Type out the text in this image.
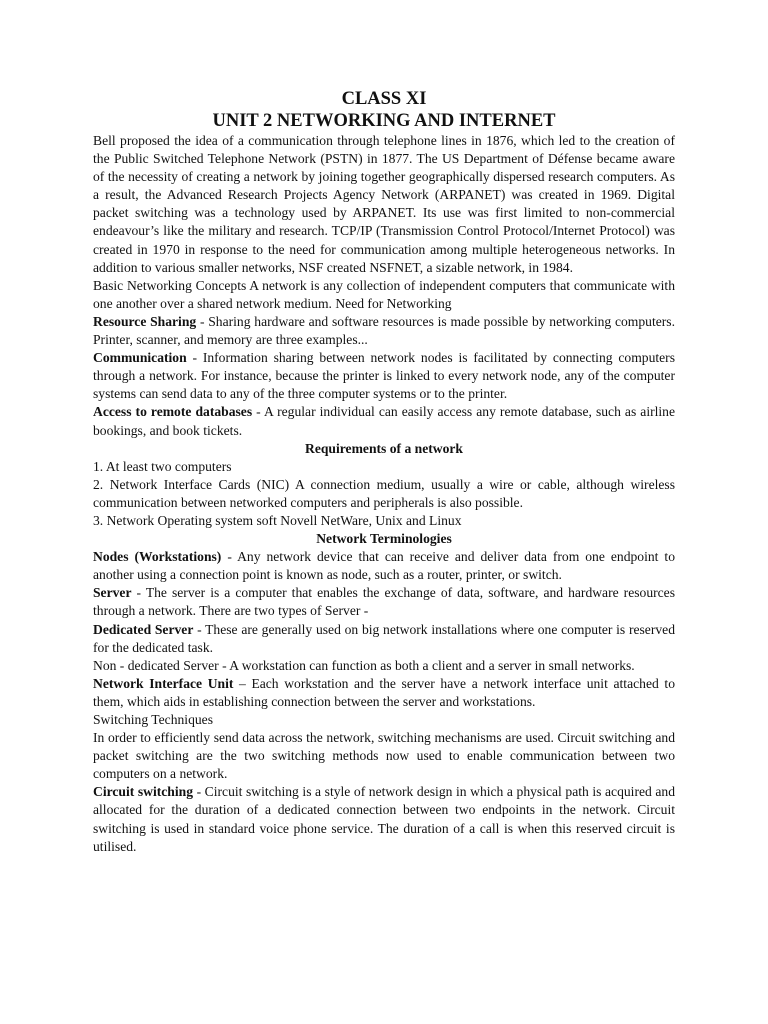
CLASS XI

UNIT 2 NETWORKING AND INTERNET

Bell proposed the idea of a communication through telephone lines in 1876, which led to the creation of the Public Switched Telephone Network (PSTN) in 1877. The US Department of Défense became aware of the necessity of creating a network by joining together geographically dispersed research computers. As a result, the Advanced Research Projects Agency Network (ARPANET) was created in 1969. Digital packet switching was a technology used by ARPANET. Its use was first limited to non-commercial endeavour’s like the military and research. TCP/IP (Transmission Control Protocol/Internet Protocol) was created in 1970 in response to the need for communication among multiple heterogeneous networks. In addition to various smaller networks, NSF created NSFNET, a sizable network, in 1984.

Basic Networking Concepts A network is any collection of independent computers that communicate with one another over a shared network medium. Need for Networking

Resource Sharing - Sharing hardware and software resources is made possible by networking computers. Printer, scanner, and memory are three examples...

Communication - Information sharing between network nodes is facilitated by connecting computers through a network. For instance, because the printer is linked to every network node, any of the computer systems can send data to any of the three computer systems or to the printer.

Access to remote databases - A regular individual can easily access any remote database, such as airline bookings, and book tickets.

Requirements of a network

1. At least two computers

2. Network Interface Cards (NIC) A connection medium, usually a wire or cable, although wireless communication between networked computers and peripherals is also possible.

3. Network Operating system soft Novell NetWare, Unix and Linux

Network Terminologies

Nodes (Workstations) - Any network device that can receive and deliver data from one endpoint to another using a connection point is known as node, such as a router, printer, or switch.

Server - The server is a computer that enables the exchange of data, software, and hardware resources through a network. There are two types of Server -

Dedicated Server - These are generally used on big network installations where one computer is reserved for the dedicated task.

Non - dedicated Server - A workstation can function as both a client and a server in small networks.

Network Interface Unit – Each workstation and the server have a network interface unit attached to them, which aids in establishing connection between the server and workstations.

Switching Techniques

In order to efficiently send data across the network, switching mechanisms are used. Circuit switching and packet switching are the two switching methods now used to enable communication between two computers on a network.

Circuit switching - Circuit switching is a style of network design in which a physical path is acquired and allocated for the duration of a dedicated connection between two endpoints in the network. Circuit switching is used in standard voice phone service. The duration of a call is when this reserved circuit is utilised.
